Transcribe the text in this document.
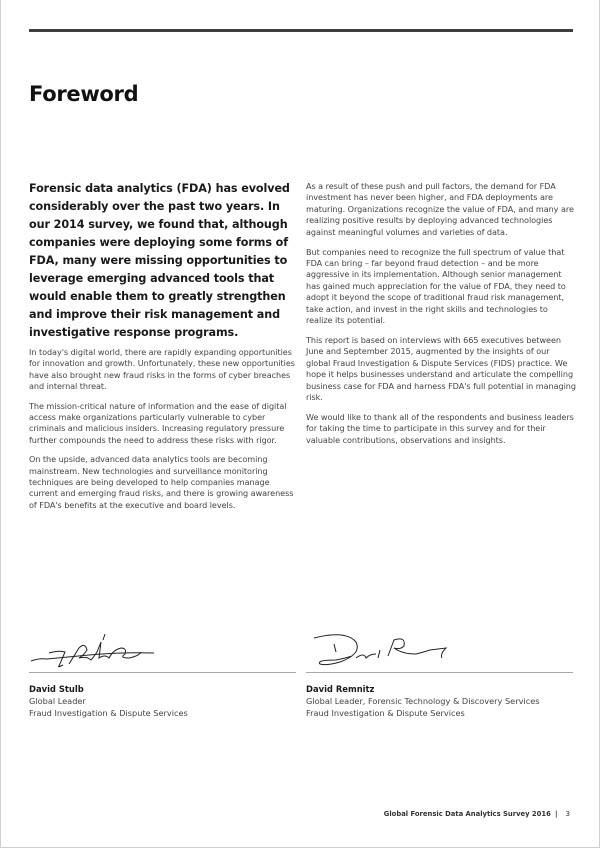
Foreword

Forensic data analytics (FDA) has evolved considerably over the past two years. In our 2014 survey, we found that, although companies were deploying some forms of FDA, many were missing opportunities to leverage emerging advanced tools that would enable them to greatly strengthen and improve their risk management and investigative response programs.

In today's digital world, there are rapidly expanding opportunities for innovation and growth. Unfortunately, these new opportunities have also brought new fraud risks in the forms of cyber breaches and internal threat.

The mission-critical nature of information and the ease of digital access make organizations particularly vulnerable to cyber criminals and malicious insiders. Increasing regulatory pressure further compounds the need to address these risks with rigor.

On the upside, advanced data analytics tools are becoming mainstream. New technologies and surveillance monitoring techniques are being developed to help companies manage current and emerging fraud risks, and there is growing awareness of FDA's benefits at the executive and board levels.

As a result of these push and pull factors, the demand for FDA investment has never been higher, and FDA deployments are maturing. Organizations recognize the value of FDA, and many are realizing positive results by deploying advanced technologies against meaningful volumes and varieties of data.

But companies need to recognize the full spectrum of value that FDA can bring – far beyond fraud detection – and be more aggressive in its implementation. Although senior management has gained much appreciation for the value of FDA, they need to adopt it beyond the scope of traditional fraud risk management, take action, and invest in the right skills and technologies to realize its potential.

This report is based on interviews with 665 executives between June and September 2015, augmented by the insights of our global Fraud Investigation & Dispute Services (FIDS) practice. We hope it helps businesses understand and articulate the compelling business case for FDA and harness FDA's full potential in managing risk.

We would like to thank all of the respondents and business leaders for taking the time to participate in this survey and for their valuable contributions, observations and insights.

David Stulb
Global Leader
Fraud Investigation & Dispute Services
David Remnitz
Global Leader, Forensic Technology & Discovery Services
Fraud Investigation & Dispute Services
Global Forensic Data Analytics Survey 2016 | 3
